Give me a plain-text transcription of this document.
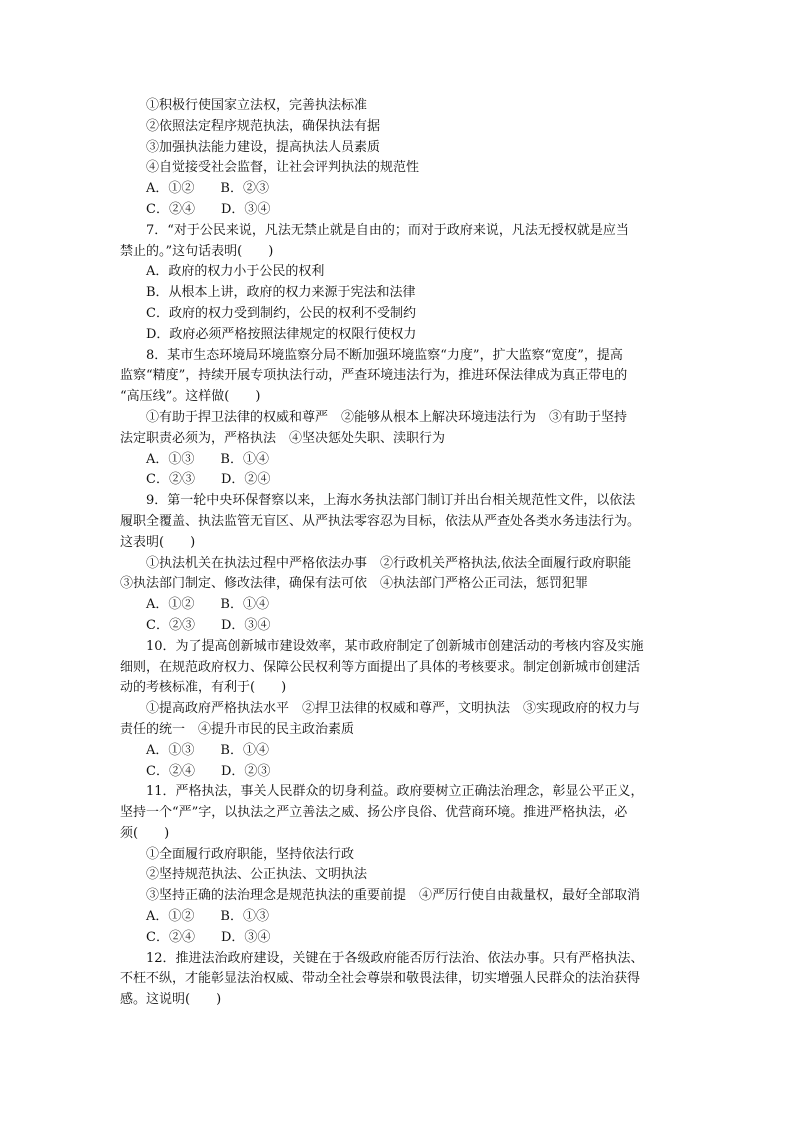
①积极行使国家立法权，完善执法标准
②依照法定程序规范执法，确保执法有据
③加强执法能力建设，提高执法人员素质
④自觉接受社会监督，让社会评判执法的规范性
A．①②　　B．②③
C．②④　　D．③④
7．“对于公民来说，凡法无禁止就是自由的；而对于政府来说，凡法无授权就是应当
禁止的。”这句话表明(　　)
A．政府的权力小于公民的权利
B．从根本上讲，政府的权力来源于宪法和法律
C．政府的权力受到制约，公民的权利不受制约
D．政府必须严格按照法律规定的权限行使权力
8．某市生态环境局环境监察分局不断加强环境监察“力度”，扩大监察“宽度”，提高
监察“精度”，持续开展专项执法行动，严查环境违法行为，推进环保法律成为真正带电的
“高压线”。这样做(　　)
①有助于捍卫法律的权威和尊严　②能够从根本上解决环境违法行为　③有助于坚持
法定职责必须为，严格执法　④坚决惩处失职、渎职行为
A．①③　　B．①④
C．②③　　D．②④
9．第一轮中央环保督察以来，上海水务执法部门制订并出台相关规范性文件，以依法
履职全覆盖、执法监管无盲区、从严执法零容忍为目标，依法从严查处各类水务违法行为。
这表明(　　)
①执法机关在执法过程中严格依法办事　②行政机关严格执法,依法全面履行政府职能
③执法部门制定、修改法律，确保有法可依　④执法部门严格公正司法，惩罚犯罪
A．①②　　B．①④
C．②③　　D．③④
10．为了提高创新城市建设效率，某市政府制定了创新城市创建活动的考核内容及实施
细则，在规范政府权力、保障公民权利等方面提出了具体的考核要求。制定创新城市创建活
动的考核标准，有利于(　　)
①提高政府严格执法水平　②捍卫法律的权威和尊严，文明执法　③实现政府的权力与
责任的统一　④提升市民的民主政治素质
A．①③　　B．①④
C．②④　　D．②③
11．严格执法，事关人民群众的切身利益。政府要树立正确法治理念，彰显公平正义，
坚持一个“严”字，以执法之严立善法之威、扬公序良俗、优营商环境。推进严格执法，必
须(　　)
①全面履行政府职能，坚持依法行政
②坚持规范执法、公正执法、文明执法
③坚持正确的法治理念是规范执法的重要前提　④严厉行使自由裁量权，最好全部取消
A．①②　　B．①③
C．②④　　D．③④
12．推进法治政府建设，关键在于各级政府能否厉行法治、依法办事。只有严格执法、
不枉不纵，才能彰显法治权威、带动全社会尊崇和敬畏法律，切实增强人民群众的法治获得
感。这说明(　　)
